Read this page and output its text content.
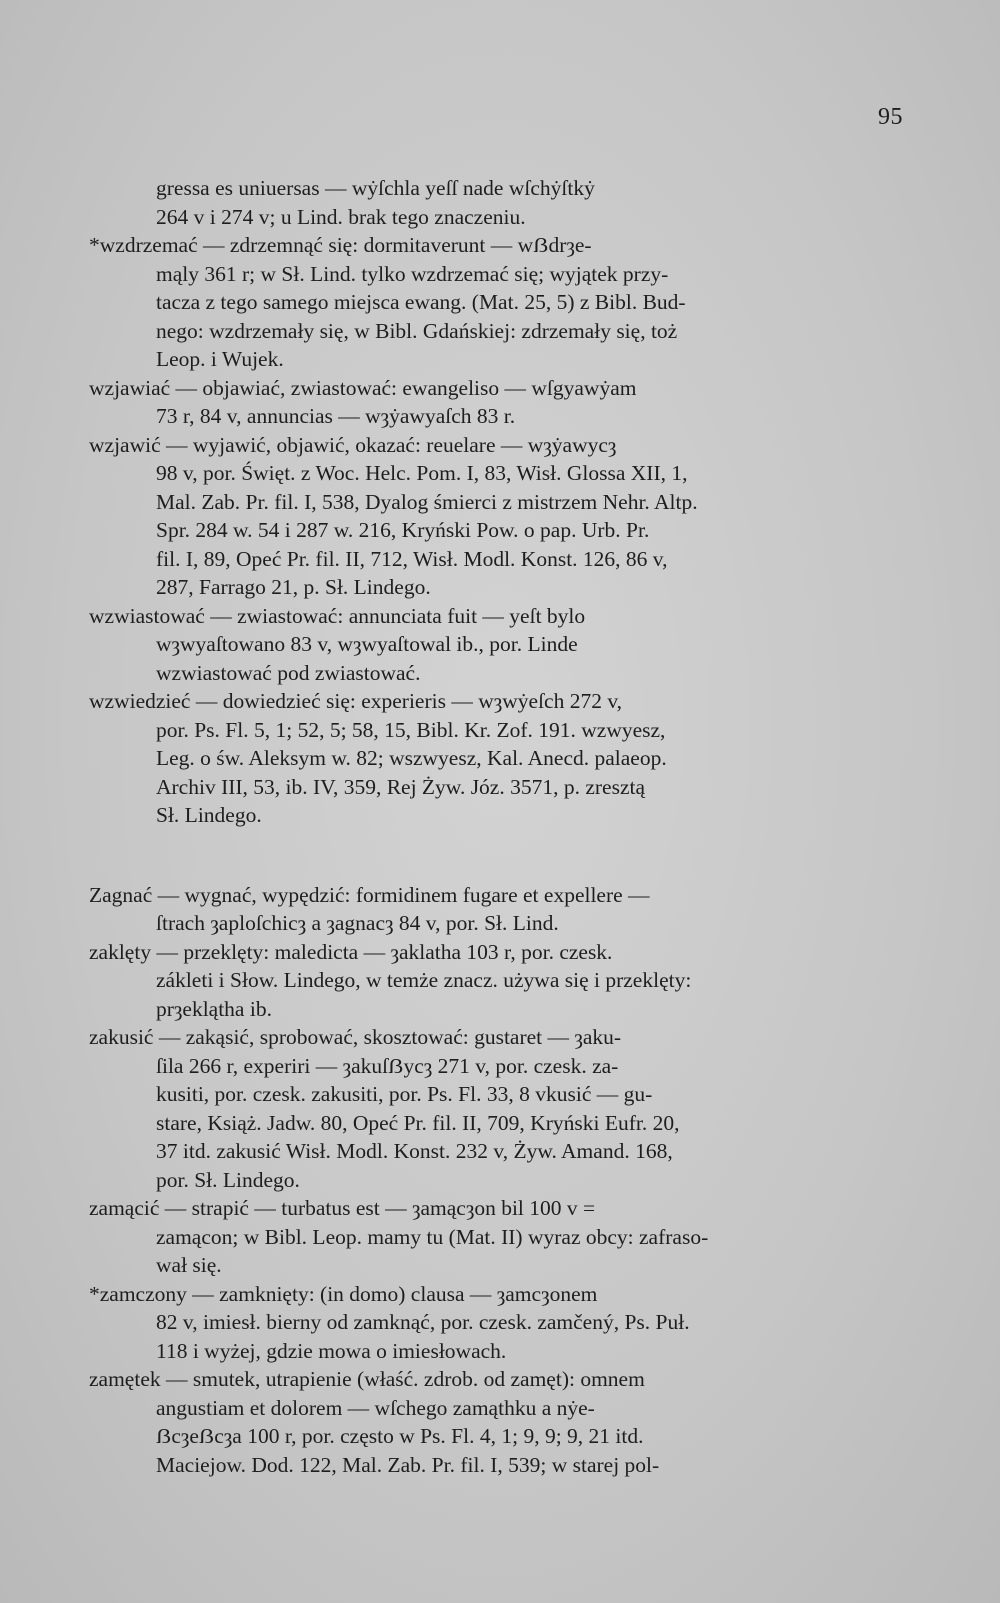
95
gressa es uniuersas — wẏſchla yeſſ nade wſchẏſtkẏ
264 v i 274 v; u Lind. brak tego znaczeniu.
*wzdrzemać — zdrzemnąć się: dormitaverunt — wẞdrȝe-
mąly 361 r; w Sł. Lind. tylko wzdrzemać się; wyjątek przy-
tacza z tego samego miejsca ewang. (Mat. 25, 5) z Bibl. Bud-
nego: wzdrzemały się, w Bibl. Gdańskiej: zdrzemały się, toż
Leop. i Wujek.
wzjawiać — objawiać, zwiastować: ewangeliso — wſgyawẏam
73 r, 84 v, annuncias — wȝẏawyaſch 83 r.
wzjawić — wyjawić, objawić, okazać: reuelare — wȝẏawycȝ
98 v, por. Święt. z Woc. Helc. Pom. I, 83, Wisł. Glossa XII, 1,
Mal. Zab. Pr. fil. I, 538, Dyalog śmierci z mistrzem Nehr. Altp.
Spr. 284 w. 54 i 287 w. 216, Kryński Pow. o pap. Urb. Pr.
fil. I, 89, Opeć Pr. fil. II, 712, Wisł. Modl. Konst. 126, 86 v,
287, Farrago 21, p. Sł. Lindego.
wzwiastować — zwiastować: annunciata fuit — yeſt bylo
wȝwyaſtowano 83 v, wȝwyaſtowal ib., por. Linde
wzwiastować pod zwiastować.
wzwiedzieć — dowiedzieć się: experieris — wȝwẏeſch 272 v,
por. Ps. Fl. 5, 1; 52, 5; 58, 15, Bibl. Kr. Zof. 191. wzwyesz,
Leg. o św. Aleksym w. 82; wszwyesz, Kal. Anecd. palaeop.
Archiv III, 53, ib. IV, 359, Rej Żyw. Józ. 3571, p. zresztą
Sł. Lindego.
Zagnać — wygnać, wypędzić: formidinem fugare et expellere —
ſtrach ȝaploſchicȝ a ȝagnacȝ 84 v, por. Sł. Lind.
zaklęty — przeklęty: maledicta — ȝaklatha 103 r, por. czesk.
zákleti i Słow. Lindego, w temże znacz. używa się i przeklęty:
prȝeklątha ib.
zakusić — zakąsić, sprobować, skosztować: gustaret — ȝaku-
ſila 266 r, experiri — ȝakuſẞycȝ 271 v, por. czesk. za-
kusiti, por. czesk. zakusiti, por. Ps. Fl. 33, 8 vkusić — gu-
stare, Książ. Jadw. 80, Opeć Pr. fil. II, 709, Kryński Eufr. 20,
37 itd. zakusić Wisł. Modl. Konst. 232 v, Żyw. Amand. 168,
por. Sł. Lindego.
zamącić — strapić — turbatus est — ȝamącȝon bil 100 v =
zamącon; w Bibl. Leop. mamy tu (Mat. II) wyraz obcy: zafraso-
wał się.
*zamczony — zamknięty: (in domo) clausa — ȝamcȝonem
82 v, imiesł. bierny od zamknąć, por. czesk. zamčený, Ps. Puł.
118 i wyżej, gdzie mowa o imiesłowach.
zamętek — smutek, utrapienie (właść. zdrob. od zamęt): omnem
angustiam et dolorem — wſchego zamąthku a nẏe-
ẞcȝeẞcȝa 100 r, por. często w Ps. Fl. 4, 1; 9, 9; 9, 21 itd.
Maciejow. Dod. 122, Mal. Zab. Pr. fil. I, 539; w starej pol-
